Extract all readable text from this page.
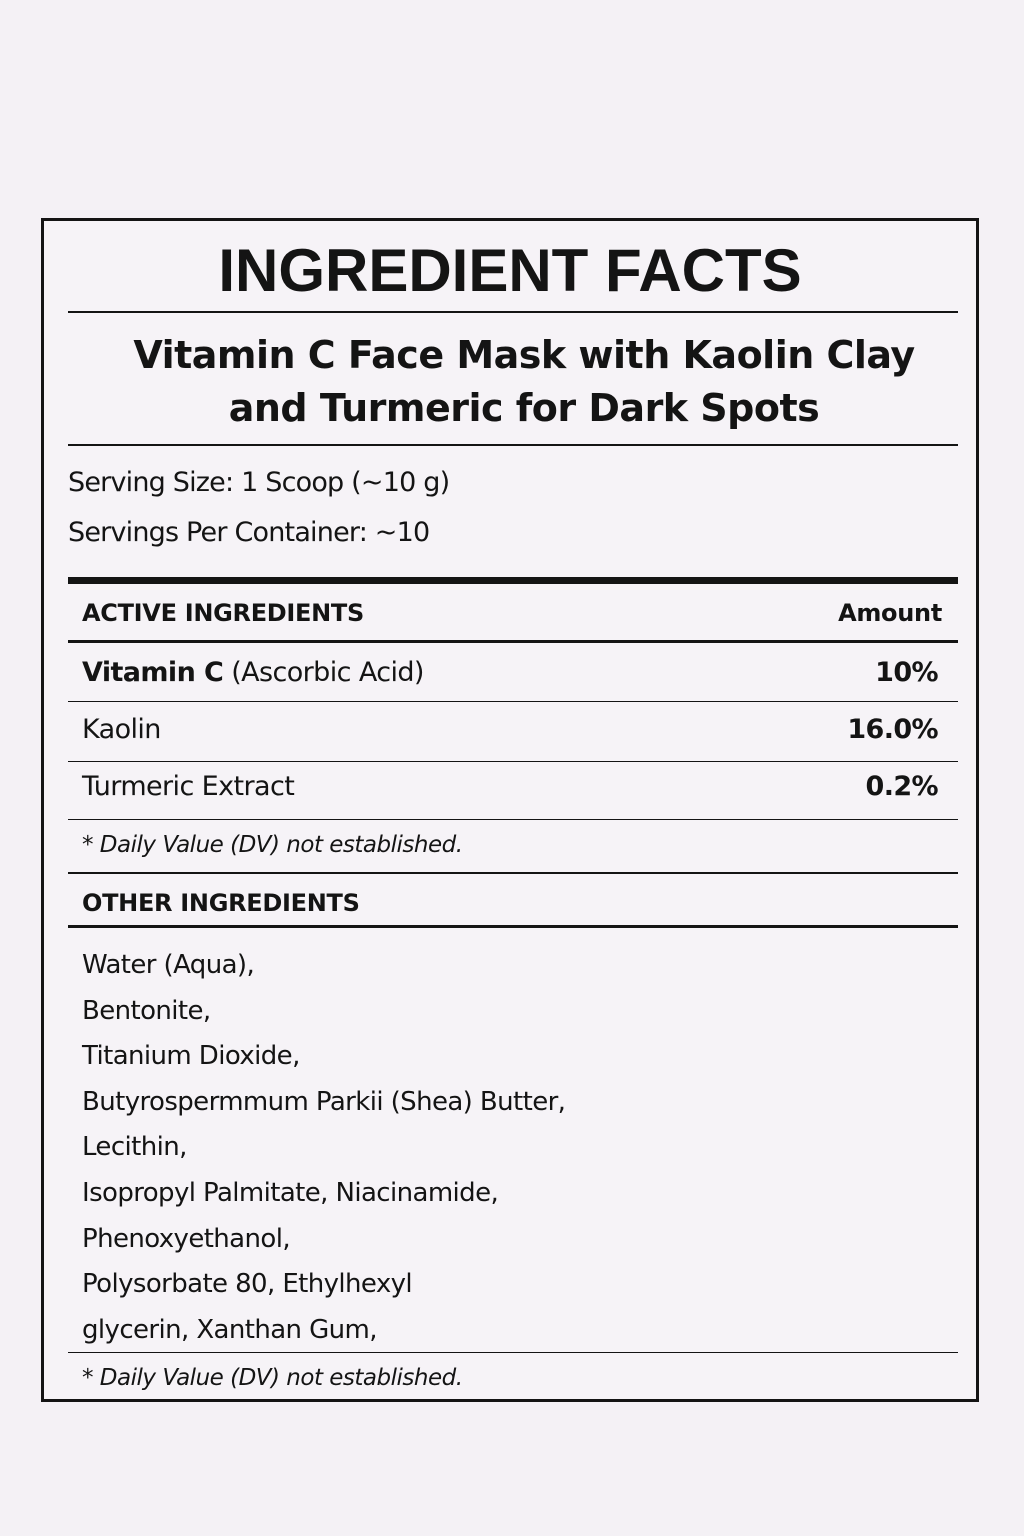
INGREDIENT FACTS
Vitamin C Face Mask with Kaolin Clay
and Turmeric for Dark Spots
Serving Size: 1 Scoop (~10 g)
Servings Per Container: ~10
ACTIVE INGREDIENTS	Amount
Vitamin C (Ascorbic Acid)	10%
Kaolin	16.0%
Turmeric Extract	0.2%
* Daily Value (DV) not established.
OTHER INGREDIENTS
Water (Aqua),
Bentonite,
Titanium Dioxide,
Butyrospermmum Parkii (Shea) Butter,
Lecithin,
Isopropyl Palmitate, Niacinamide,
Phenoxyethanol,
Polysorbate 80, Ethylhexyl
glycerin, Xanthan Gum,
* Daily Value (DV) not established.
